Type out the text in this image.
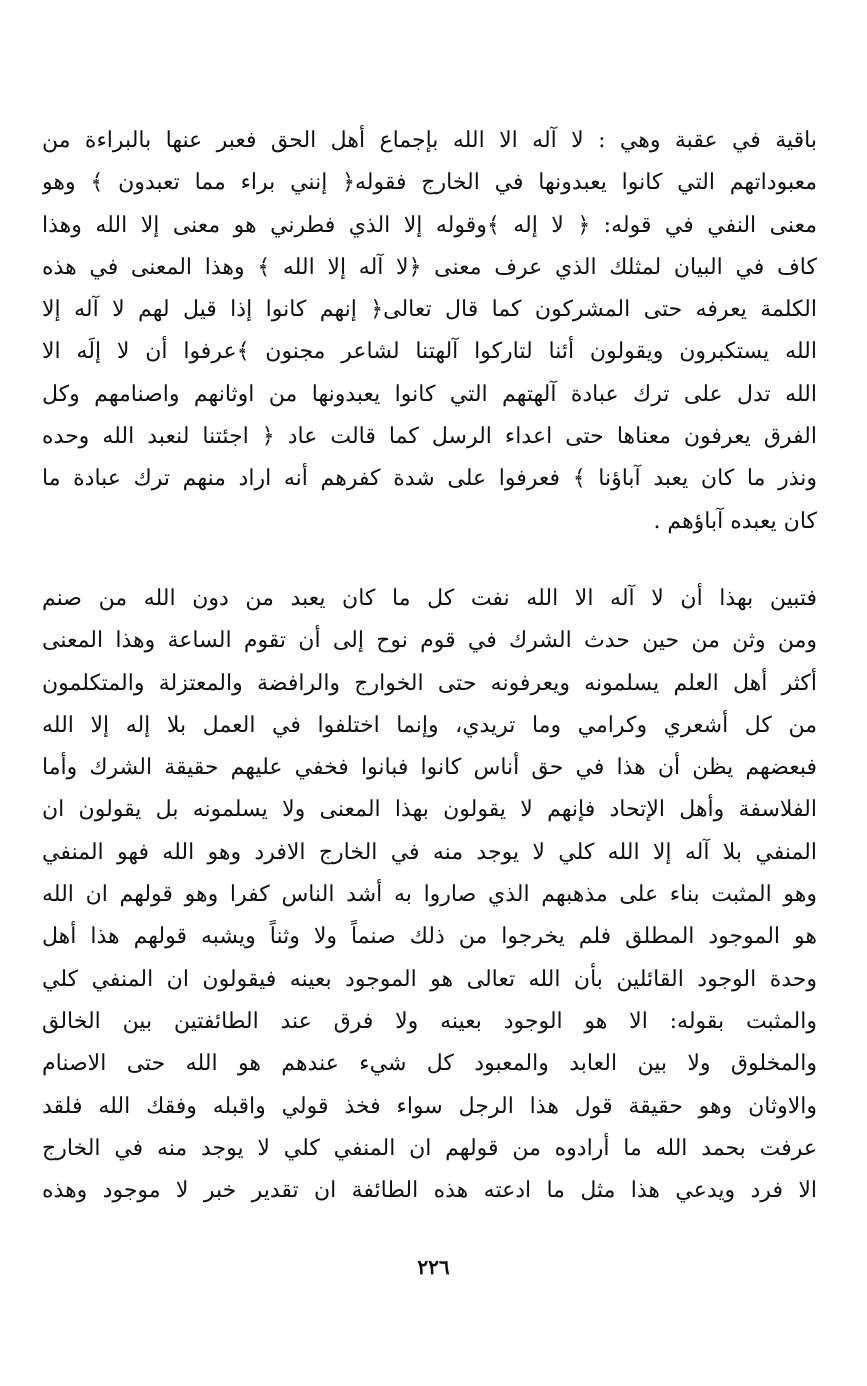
باقية في عقبة وهي : لا آله الا الله بإجماع أهل الحق فعبر عنها بالبراءة من
معبوداتهم التي كانوا يعبدونها في الخارج فقوله﴿ إنني براء مما تعبدون ﴾ وهو
معنى النفي في قوله: ﴿ لا إله ﴾وقوله إلا الذي فطرني هو معنى إلا الله وهذا
كاف في البيان لمثلك الذي عرف معنى ﴿لا آله إلا الله ﴾ وهذا المعنى في هذه
الكلمة يعرفه حتى المشركون كما قال تعالى﴿ إنهم كانوا إذا قيل لهم لا آله إلا
الله يستكبرون ويقولون أئنا لتاركوا آلهتنا لشاعر مجنون ﴾عرفوا أن لا إلَه الا
الله تدل على ترك عبادة آلهتهم التي كانوا يعبدونها من اوثانهم واصنامهم وكل
الفرق يعرفون معناها حتى اعداء الرسل كما قالت عاد ﴿ اجئتنا لنعبد الله وحده
ونذر ما كان يعبد آباؤنا ﴾ فعرفوا على شدة كفرهم أنه اراد منهم ترك عبادة ما
كان يعبده آباؤهم .
فتبين بهذا أن لا آله الا الله نفت كل ما كان يعبد من دون الله من صنم
ومن وثن من حين حدث الشرك في قوم نوح إلى أن تقوم الساعة وهذا المعنى
أكثر أهل العلم يسلمونه ويعرفونه حتى الخوارج والرافضة والمعتزلة والمتكلمون
من كل أشعري وكرامي وما تريدي، وإنما اختلفوا في العمل بلا إله إلا الله
فبعضهم يظن أن هذا في حق أناس كانوا فبانوا فخفي عليهم حقيقة الشرك وأما
الفلاسفة وأهل الإتحاد فإنهم لا يقولون بهذا المعنى ولا يسلمونه بل يقولون ان
المنفي بلا آله إلا الله كلي لا يوجد منه في الخارج الافرد وهو الله فهو المنفي
وهو المثبت بناء على مذهبهم الذي صاروا به أشد الناس كفرا وهو قولهم ان الله
هو الموجود المطلق فلم يخرجوا من ذلك صنماً ولا وثناً ويشبه قولهم هذا أهل
وحدة الوجود القائلين بأن الله تعالى هو الموجود بعينه فيقولون ان المنفي كلي
والمثبت بقوله: الا هو الوجود بعينه ولا فرق عند الطائفتين بين الخالق
والمخلوق ولا بين العابد والمعبود كل شيء عندهم هو الله حتى الاصنام
والاوثان وهو حقيقة قول هذا الرجل سواء فخذ قولي واقبله وفقك الله فلقد
عرفت بحمد الله ما أرادوه من قولهم ان المنفي كلي لا يوجد منه في الخارج
الا فرد ويدعي هذا مثل ما ادعته هذه الطائفة ان تقدير خبر لا موجود وهذه
٢٢٦
